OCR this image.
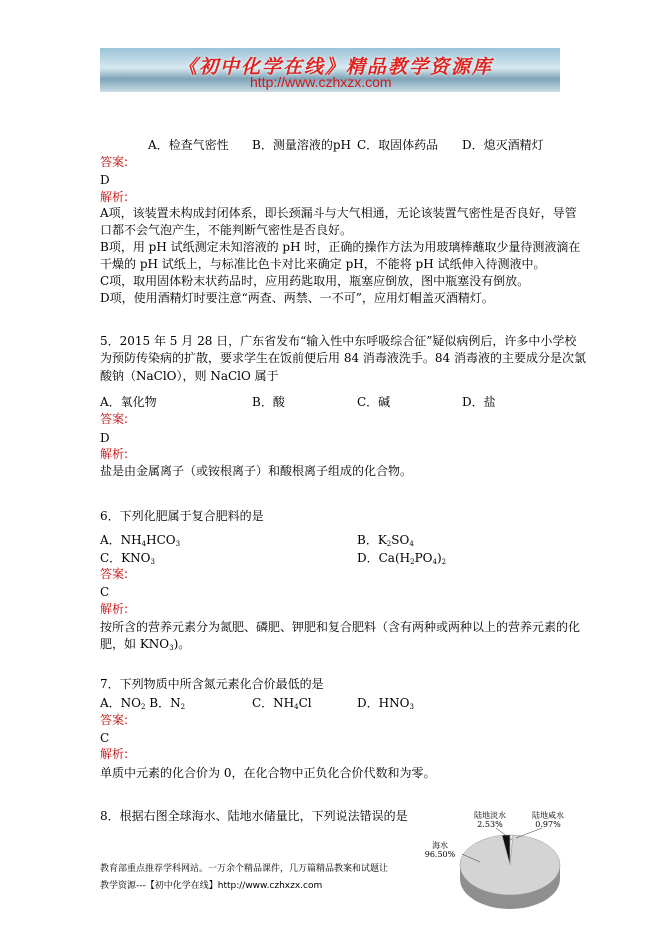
《初中化学在线》精品教学资源库
http://www.czhxzx.com
A．检查气密性 B．测量溶液的pH C．取固体药品 D．熄灭酒精灯
答案:
D
解析:
A项，该装置未构成封闭体系，即长颈漏斗与大气相通，无论该装置气密性是否良好，导管
口都不会气泡产生，不能判断气密性是否良好。
B项，用 pH 试纸测定未知溶液的 pH 时，正确的操作方法为用玻璃棒蘸取少量待测液滴在
干燥的 pH 试纸上，与标准比色卡对比来确定 pH，不能将 pH 试纸伸入待测液中。
C项，取用固体粉末状药品时，应用药匙取用，瓶塞应倒放，图中瓶塞没有倒放。
D项，使用酒精灯时要注意“两查、两禁、一不可”，应用灯帽盖灭酒精灯。
5．2015 年 5 月 28 日，广东省发布“输入性中东呼吸综合征”疑似病例后，许多中小学校
为预防传染病的扩散，要求学生在饭前便后用 84 消毒液洗手。84 消毒液的主要成分是次氯
酸钠（NaClO），则 NaClO 属于
A．氧化物	B．酸	C．碱	D．盐
答案:
D
解析:
盐是由金属离子（或铵根离子）和酸根离子组成的化合物。
6．下列化肥属于复合肥料的是
A．$NH_4HCO_3$	B．$K_2SO_4$
C．$KNO_3$	D．$Ca(H_2PO_4)_2$
答案:
C
解析:
按所含的营养元素分为氮肥、磷肥、钾肥和复合肥料（含有两种或两种以上的营养元素的化
肥，如 $KNO_3$)。
7．下列物质中所含氮元素化合价最低的是
A．$NO_2$ B．$N_2$	C．$NH_4Cl$	D．$HNO_3$
答案:
C
解析:
单质中元素的化合价为 0，在化合物中正负化合价代数和为零。
8．根据右图全球海水、陆地水储量比，下列说法错误的是
海水
96.50%
陆地淡水
2.53%
陆地咸水
0.97%
教育部重点推荐学科网站。一万余个精品课件，几万篇精品教案和试题让
教学资源---【初中化学在线】http://www.czhxzx.com
